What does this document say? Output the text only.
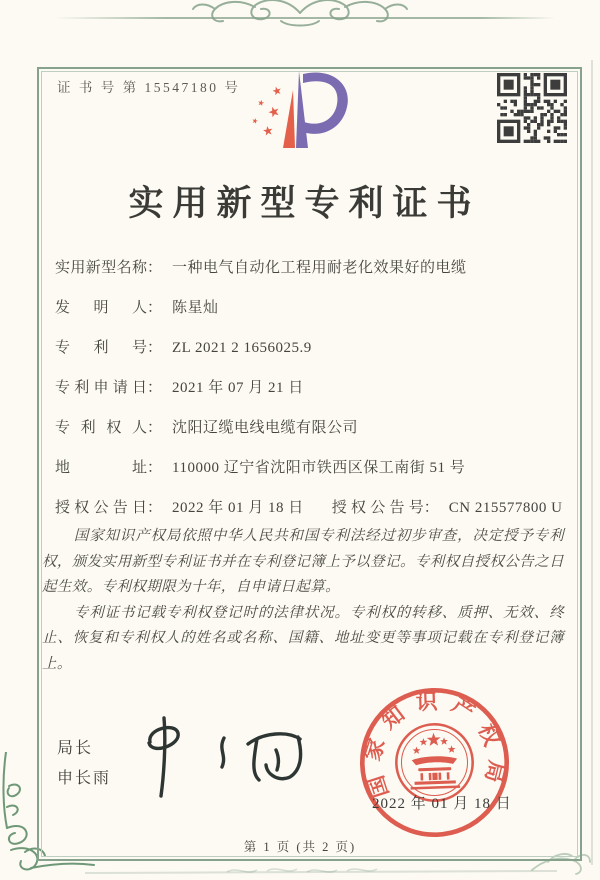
证 书 号 第 15547180 号
实用新型专利证书
实用新型名称： 一种电气自动化工程用耐老化效果好的电缆
发明人： 陈星灿
专利号： ZL 2021 2 1656025.9
专利申请日： 2021 年 07 月 21 日
专利权人： 沈阳辽缆电线电缆有限公司
地址： 110000 辽宁省沈阳市铁西区保工南街 51 号
授权公告日： 2022 年 01 月 18 日 授权公告号： CN 215577800 U

国家知识产权局依照中华人民共和国专利法经过初步审查，决定授予专利权，颁发实用新型专利证书并在专利登记簿上予以登记。专利权自授权公告之日起生效。专利权期限为十年，自申请日起算。

专利证书记载专利权登记时的法律状况。专利权的转移、质押、无效、终止、恢复和专利权人的姓名或名称、国籍、地址变更等事项记载在专利登记簿上。

局长
申长雨	国家知识产权局
2022 年 01 月 18 日
第 1 页 (共 2 页)
